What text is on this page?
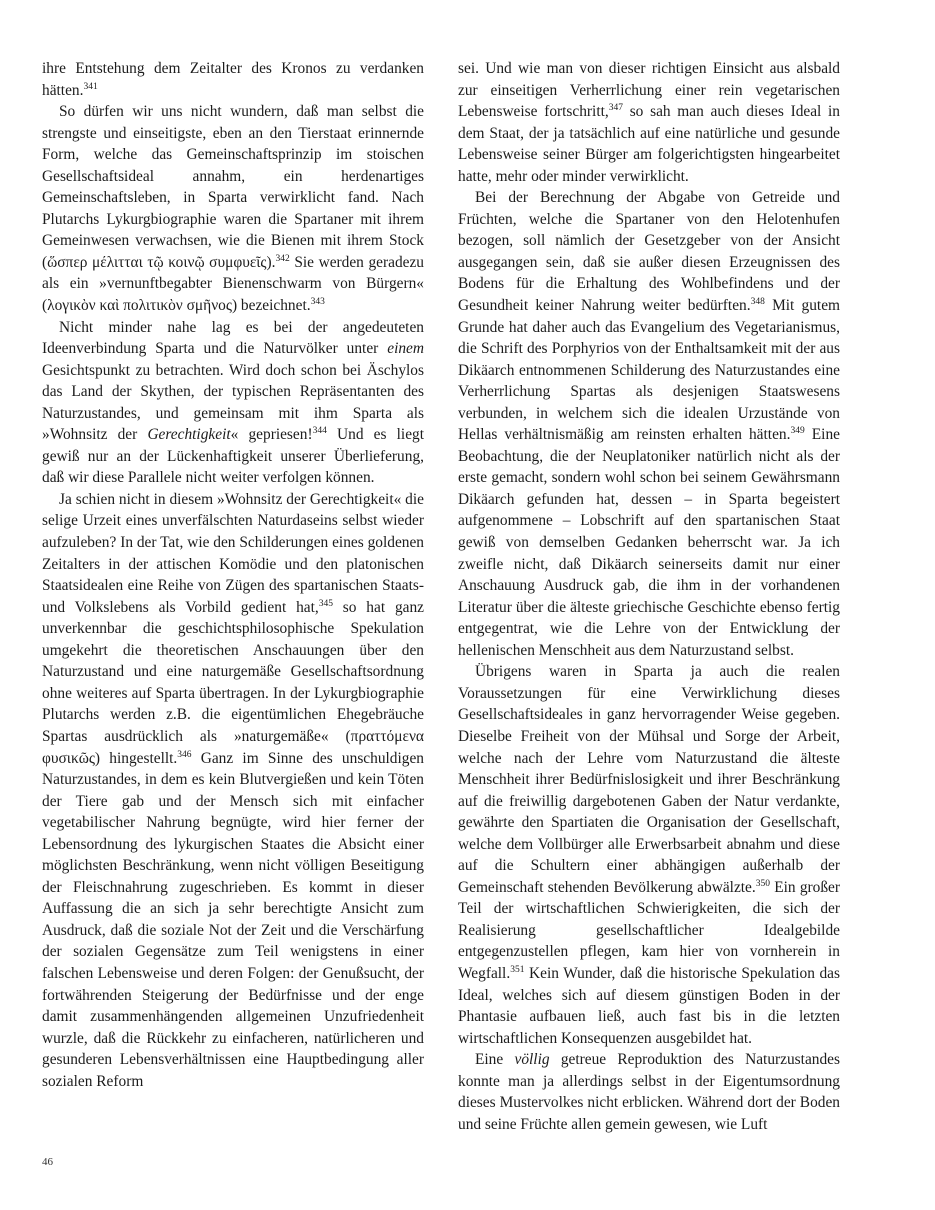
ihre Entstehung dem Zeitalter des Kronos zu verdanken hätten.$^{341}$

So dürfen wir uns nicht wundern, daß man selbst die strengste und einseitigste, eben an den Tierstaat erinnernde Form, welche das Gemeinschaftsprinzip im stoischen Gesellschaftsideal annahm, ein herdenartiges Gemeinschaftsleben, in Sparta verwirklicht fand. Nach Plutarchs Lykurgbiographie waren die Spartaner mit ihrem Gemeinwesen verwachsen, wie die Bienen mit ihrem Stock (ὥσπερ μέλιτται τῷ κοινῷ συμφυεῖς).$^{342}$ Sie werden geradezu als ein »vernunftbegabter Bienenschwarm von Bürgern« (λογικὸν καὶ πολιτικὸν σμῆνος) bezeichnet.$^{343}$

Nicht minder nahe lag es bei der angedeuteten Ideenverbindung Sparta und die Naturvölker unter einem Gesichtspunkt zu betrachten. Wird doch schon bei Äschylos das Land der Skythen, der typischen Repräsentanten des Naturzustandes, und gemeinsam mit ihm Sparta als »Wohnsitz der Gerechtigkeit« gepriesen!$^{344}$ Und es liegt gewiß nur an der Lückenhaftigkeit unserer Überlieferung, daß wir diese Parallele nicht weiter verfolgen können.

Ja schien nicht in diesem »Wohnsitz der Gerechtigkeit« die selige Urzeit eines unverfälschten Naturdaseins selbst wieder aufzuleben? In der Tat, wie den Schilderungen eines goldenen Zeitalters in der attischen Komödie und den platonischen Staatsidealen eine Reihe von Zügen des spartanischen Staats- und Volkslebens als Vorbild gedient hat,$^{345}$ so hat ganz unverkennbar die geschichtsphilosophische Spekulation umgekehrt die theoretischen Anschauungen über den Naturzustand und eine naturgemäße Gesellschaftsordnung ohne weiteres auf Sparta übertragen. In der Lykurgbiographie Plutarchs werden z.B. die eigentümlichen Ehegebräuche Spartas ausdrücklich als »naturgemäße« (πραττόμενα φυσικῶς) hingestellt.$^{346}$ Ganz im Sinne des unschuldigen Naturzustandes, in dem es kein Blutvergießen und kein Töten der Tiere gab und der Mensch sich mit einfacher vegetabilischer Nahrung begnügte, wird hier ferner der Lebensordnung des lykurgischen Staates die Absicht einer möglichsten Beschränkung, wenn nicht völligen Beseitigung der Fleischnahrung zugeschrieben. Es kommt in dieser Auffassung die an sich ja sehr berechtigte Ansicht zum Ausdruck, daß die soziale Not der Zeit und die Verschärfung der sozialen Gegensätze zum Teil wenigstens in einer falschen Lebensweise und deren Folgen: der Genußsucht, der fortwährenden Steigerung der Bedürfnisse und der enge damit zusammenhängenden allgemeinen Unzufriedenheit wurzle, daß die Rückkehr zu einfacheren, natürlicheren und gesunderen Lebensverhältnissen eine Hauptbedingung aller sozialen Reform

sei. Und wie man von dieser richtigen Einsicht aus alsbald zur einseitigen Verherrlichung einer rein vegetarischen Lebensweise fortschritt,$^{347}$ so sah man auch dieses Ideal in dem Staat, der ja tatsächlich auf eine natürliche und gesunde Lebensweise seiner Bürger am folgerichtigsten hingearbeitet hatte, mehr oder minder verwirklicht.

Bei der Berechnung der Abgabe von Getreide und Früchten, welche die Spartaner von den Helotenhufen bezogen, soll nämlich der Gesetzgeber von der Ansicht ausgegangen sein, daß sie außer diesen Erzeugnissen des Bodens für die Erhaltung des Wohlbefindens und der Gesundheit keiner Nahrung weiter bedürften.$^{348}$ Mit gutem Grunde hat daher auch das Evangelium des Vegetarianismus, die Schrift des Porphyrios von der Enthaltsamkeit mit der aus Dikäarch entnommenen Schilderung des Naturzustandes eine Verherrlichung Spartas als desjenigen Staatswesens verbunden, in welchem sich die idealen Urzustände von Hellas verhältnismäßig am reinsten erhalten hätten.$^{349}$ Eine Beobachtung, die der Neuplatoniker natürlich nicht als der erste gemacht, sondern wohl schon bei seinem Gewährsmann Dikäarch gefunden hat, dessen – in Sparta begeistert aufgenommene – Lobschrift auf den spartanischen Staat gewiß von demselben Gedanken beherrscht war. Ja ich zweifle nicht, daß Dikäarch seinerseits damit nur einer Anschauung Ausdruck gab, die ihm in der vorhandenen Literatur über die älteste griechische Geschichte ebenso fertig entgegentrat, wie die Lehre von der Entwicklung der hellenischen Menschheit aus dem Naturzustand selbst.

Übrigens waren in Sparta ja auch die realen Voraussetzungen für eine Verwirklichung dieses Gesellschaftsideales in ganz hervorragender Weise gegeben. Dieselbe Freiheit von der Mühsal und Sorge der Arbeit, welche nach der Lehre vom Naturzustand die älteste Menschheit ihrer Bedürfnislosigkeit und ihrer Beschränkung auf die freiwillig dargebotenen Gaben der Natur verdankte, gewährte den Spartiaten die Organisation der Gesellschaft, welche dem Vollbürger alle Erwerbsarbeit abnahm und diese auf die Schultern einer abhängigen außerhalb der Gemeinschaft stehenden Bevölkerung abwälzte.$^{350}$ Ein großer Teil der wirtschaftlichen Schwierigkeiten, die sich der Realisierung gesellschaftlicher Idealgebilde entgegenzustellen pflegen, kam hier von vornherein in Wegfall.$^{351}$ Kein Wunder, daß die historische Spekulation das Ideal, welches sich auf diesem günstigen Boden in der Phantasie aufbauen ließ, auch fast bis in die letzten wirtschaftlichen Konsequenzen ausgebildet hat.

Eine völlig getreue Reproduktion des Naturzustandes konnte man ja allerdings selbst in der Eigentumsordnung dieses Mustervolkes nicht erblicken. Während dort der Boden und seine Früchte allen gemein gewesen, wie Luft

46
